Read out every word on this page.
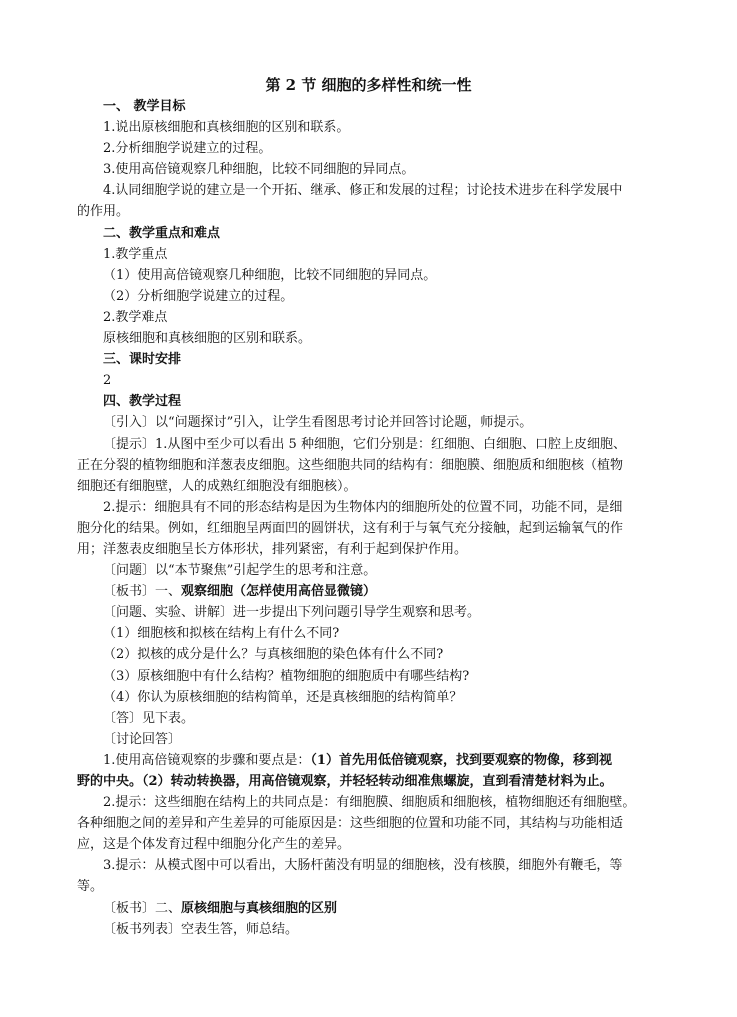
第 2 节 细胞的多样性和统一性
一、 教学目标
1.说出原核细胞和真核细胞的区别和联系。
2.分析细胞学说建立的过程。
3.使用高倍镜观察几种细胞，比较不同细胞的异同点。
4.认同细胞学说的建立是一个开拓、继承、修正和发展的过程；讨论技术进步在科学发展中
的作用。
二、教学重点和难点
1.教学重点
（1）使用高倍镜观察几种细胞，比较不同细胞的异同点。
（2）分析细胞学说建立的过程。
2.教学难点
原核细胞和真核细胞的区别和联系。
三、课时安排
2
四、教学过程
〔引入〕以“问题探讨”引入，让学生看图思考讨论并回答讨论题，师提示。
〔提示〕1.从图中至少可以看出 5 种细胞，它们分别是：红细胞、白细胞、口腔上皮细胞、
正在分裂的植物细胞和洋葱表皮细胞。这些细胞共同的结构有：细胞膜、细胞质和细胞核（植物
细胞还有细胞壁，人的成熟红细胞没有细胞核）。
2.提示：细胞具有不同的形态结构是因为生物体内的细胞所处的位置不同，功能不同，是细
胞分化的结果。例如，红细胞呈两面凹的圆饼状，这有利于与氧气充分接触，起到运输氧气的作
用；洋葱表皮细胞呈长方体形状，排列紧密，有利于起到保护作用。
〔问题〕以“本节聚焦”引起学生的思考和注意。
〔板书〕一、观察细胞（怎样使用高倍显微镜）
〔问题、实验、讲解〕进一步提出下列问题引导学生观察和思考。
（1）细胞核和拟核在结构上有什么不同?
（2）拟核的成分是什么？与真核细胞的染色体有什么不同?
（3）原核细胞中有什么结构？植物细胞的细胞质中有哪些结构?
（4）你认为原核细胞的结构简单，还是真核细胞的结构简单？
〔答〕见下表。
〔讨论回答〕
1.使用高倍镜观察的步骤和要点是：（1）首先用低倍镜观察，找到要观察的物像，移到视
野的中央。（2）转动转换器，用高倍镜观察，并轻轻转动细准焦螺旋，直到看清楚材料为止。
2.提示：这些细胞在结构上的共同点是：有细胞膜、细胞质和细胞核，植物细胞还有细胞壁。
各种细胞之间的差异和产生差异的可能原因是：这些细胞的位置和功能不同，其结构与功能相适
应，这是个体发育过程中细胞分化产生的差异。
3.提示：从模式图中可以看出，大肠杆菌没有明显的细胞核，没有核膜，细胞外有鞭毛，等
等。
〔板书〕二、原核细胞与真核细胞的区别
〔板书列表〕空表生答，师总结。
